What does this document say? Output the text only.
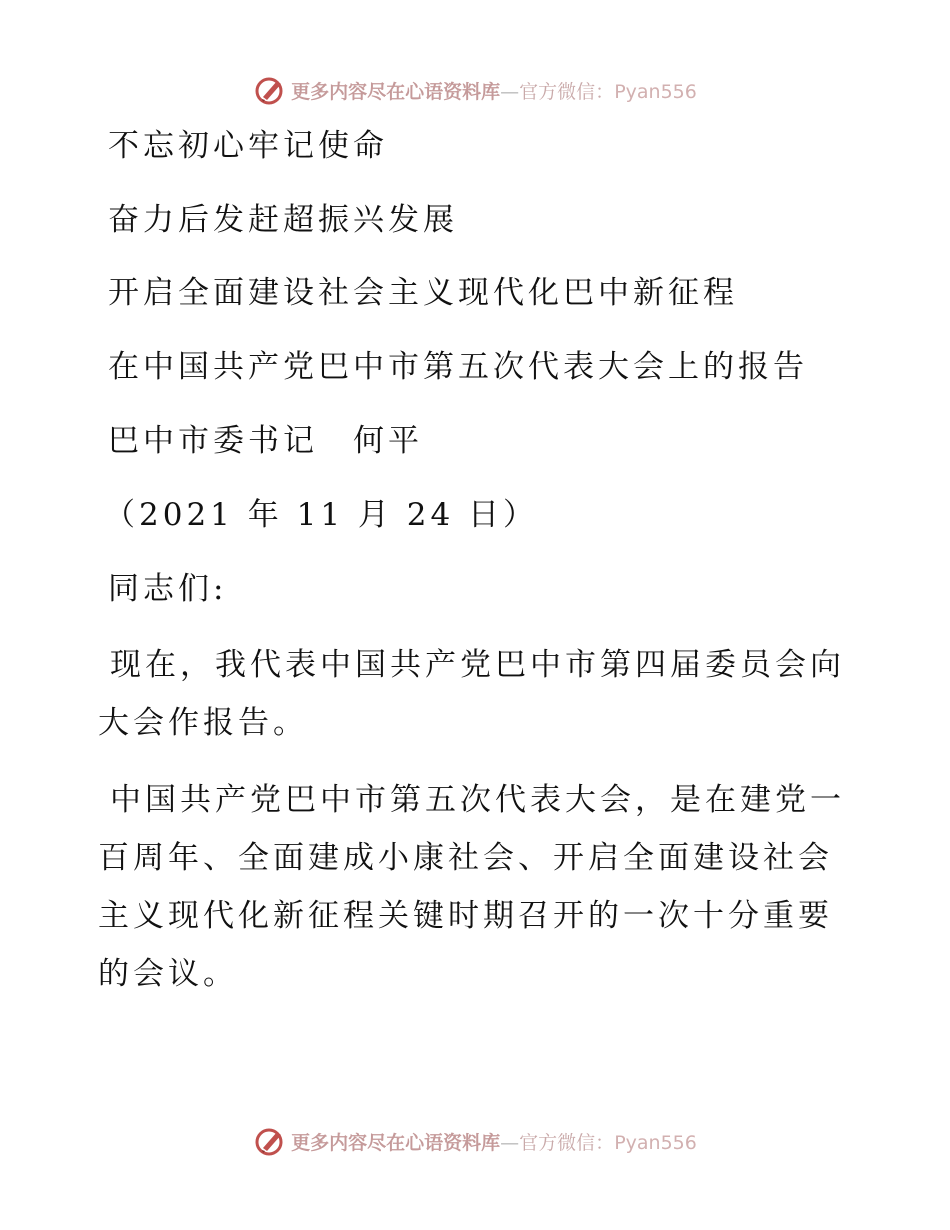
更多内容尽在心语资料库—官方微信：Pyan556

不忘初心牢记使命

奋力后发赶超振兴发展

开启全面建设社会主义现代化巴中新征程

在中国共产党巴中市第五次代表大会上的报告

巴中市委书记　何平

（2021 年 11 月 24 日）

同志们:

现在，我代表中国共产党巴中市第四届委员会向大会作报告。

中国共产党巴中市第五次代表大会，是在建党一百周年、全面建成小康社会、开启全面建设社会主义现代化新征程关键时期召开的一次十分重要的会议。

更多内容尽在心语资料库—官方微信：Pyan556
